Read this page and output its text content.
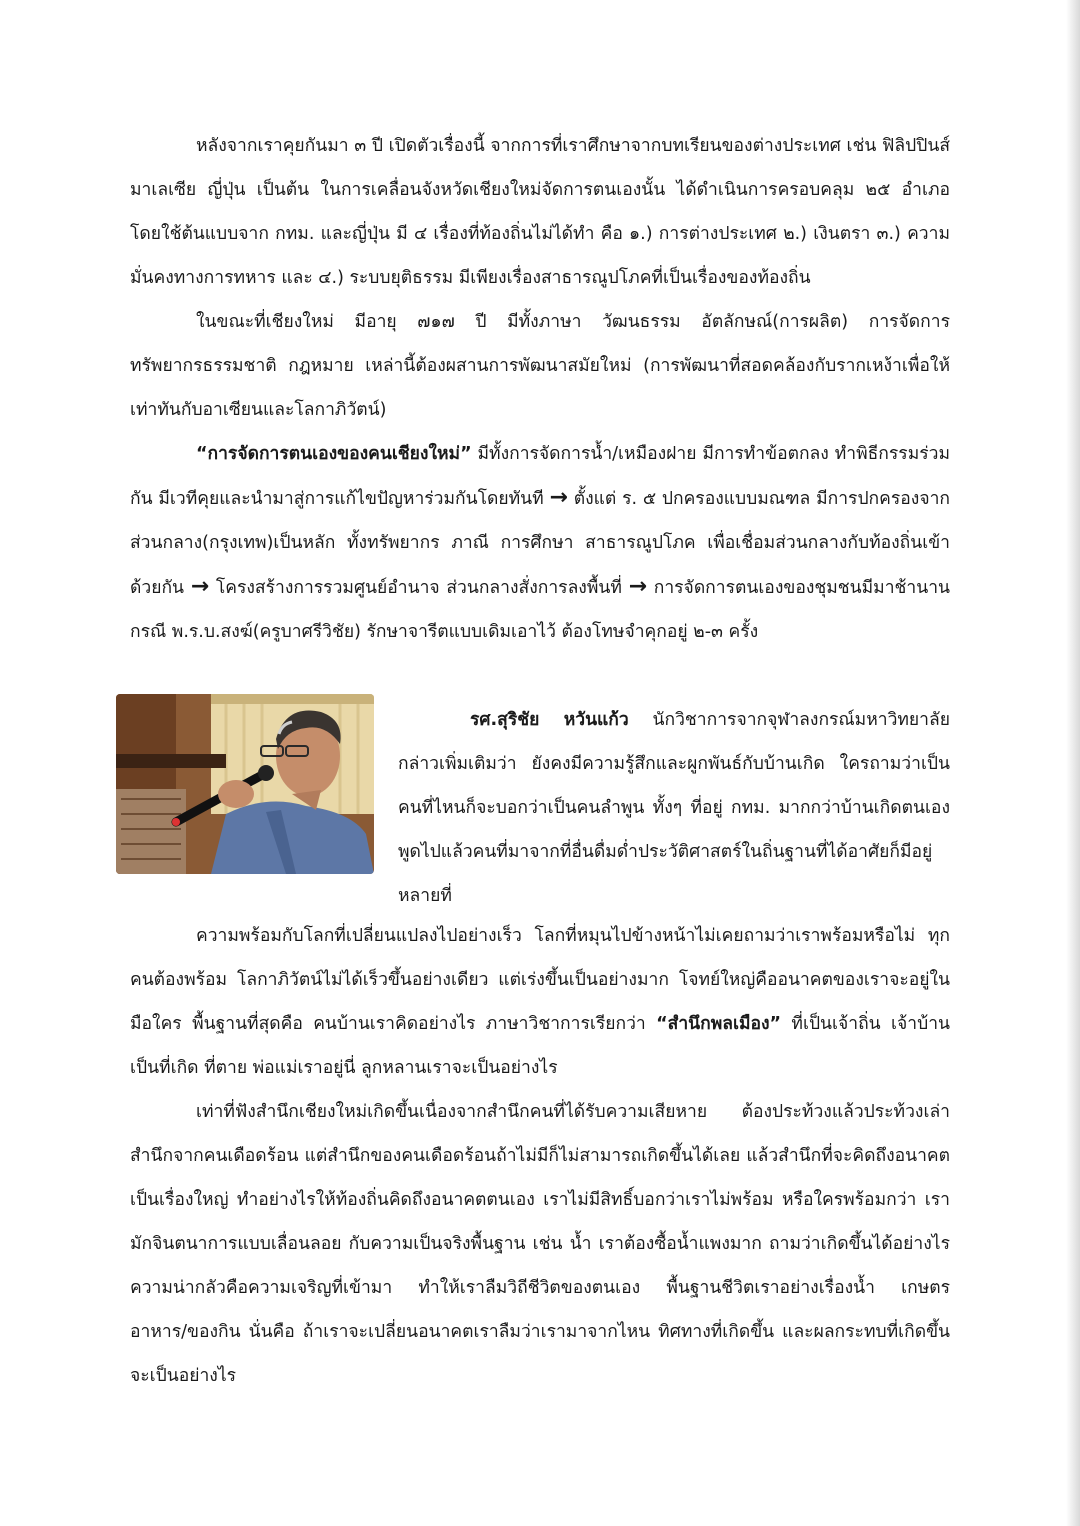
หลังจากเราคุยกันมา ๓ ปี เปิดตัวเรื่องนี้ จากการที่เราศึกษาจากบทเรียนของต่างประเทศ เช่น ฟิลิปปินส์ มาเลเซีย ญี่ปุ่น เป็นต้น ในการเคลื่อนจังหวัดเชียงใหม่จัดการตนเองนั้น ได้ดำเนินการครอบคลุม ๒๕ อำเภอ โดยใช้ต้นแบบจาก กทม. และญี่ปุ่น มี ๔ เรื่องที่ท้องถิ่นไม่ได้ทำ คือ ๑.) การต่างประเทศ ๒.) เงินตรา ๓.) ความมั่นคงทางการทหาร และ ๔.) ระบบยุติธรรม มีเพียงเรื่องสาธารณูปโภคที่เป็นเรื่องของท้องถิ่น

ในขณะที่เชียงใหม่ มีอายุ ๗๑๗ ปี มีทั้งภาษา วัฒนธรรม อัตลักษณ์(การผลิต) การจัดการทรัพยากรธรรมชาติ กฎหมาย เหล่านี้ต้องผสานการพัฒนาสมัยใหม่ (การพัฒนาที่สอดคล้องกับรากเหง้าเพื่อให้เท่าทันกับอาเซียนและโลกาภิวัตน์)

“การจัดการตนเองของคนเชียงใหม่” มีทั้งการจัดการน้ำ/เหมืองฝาย มีการทำข้อตกลง ทำพิธีกรรมร่วมกัน มีเวทีคุยและนำมาสู่การแก้ไขปัญหาร่วมกันโดยทันที → ตั้งแต่ ร. ๕ ปกครองแบบมณฑล มีการปกครองจากส่วนกลาง(กรุงเทพ)เป็นหลัก ทั้งทรัพยากร ภาณี การศึกษา สาธารณูปโภค เพื่อเชื่อมส่วนกลางกับท้องถิ่นเข้าด้วยกัน → โครงสร้างการรวมศูนย์อำนาจ ส่วนกลางสั่งการลงพื้นที่ → การจัดการตนเองของชุมชนมีมาช้านาน กรณี พ.ร.บ.สงฆ์(ครูบาศรีวิชัย) รักษาจารีตแบบเดิมเอาไว้ ต้องโทษจำคุกอยู่ ๒-๓ ครั้ง

รศ.สุริชัย หวันแก้ว นักวิชาการจากจุฬาลงกรณ์มหาวิทยาลัย กล่าวเพิ่มเติมว่า ยังคงมีความรู้สึกและผูกพันธ์กับบ้านเกิด ใครถามว่าเป็นคนที่ไหนก็จะบอกว่าเป็นคนลำพูน ทั้งๆ ที่อยู่ กทม. มากกว่าบ้านเกิดตนเอง พูดไปแล้วคนที่มาจากที่อื่นดื่มด่ำประวัติศาสตร์ในถิ่นฐานที่ได้อาศัยก็มีอยู่หลายที่

ความพร้อมกับโลกที่เปลี่ยนแปลงไปอย่างเร็ว โลกที่หมุนไปข้างหน้าไม่เคยถามว่าเราพร้อมหรือไม่ ทุกคนต้องพร้อม โลกาภิวัตน์ไม่ได้เร็วขึ้นอย่างเดียว แต่เร่งขึ้นเป็นอย่างมาก โจทย์ใหญ่คืออนาคตของเราจะอยู่ในมือใคร พื้นฐานที่สุดคือ คนบ้านเราคิดอย่างไร ภาษาวิชาการเรียกว่า “สำนึกพลเมือง” ที่เป็นเจ้าถิ่น เจ้าบ้านเป็นที่เกิด ที่ตาย พ่อแม่เราอยู่นี่ ลูกหลานเราจะเป็นอย่างไร

เท่าที่ฟังสำนึกเชียงใหม่เกิดขึ้นเนื่องจากสำนึกคนที่ได้รับความเสียหาย ต้องประท้วงแล้วประท้วงเล่า สำนึกจากคนเดือดร้อน แต่สำนึกของคนเดือดร้อนถ้าไม่มีก็ไม่สามารถเกิดขึ้นได้เลย แล้วสำนึกที่จะคิดถึงอนาคตเป็นเรื่องใหญ่ ทำอย่างไรให้ท้องถิ่นคิดถึงอนาคตตนเอง เราไม่มีสิทธิ์บอกว่าเราไม่พร้อม หรือใครพร้อมกว่า เรามักจินตนาการแบบเลื่อนลอย กับความเป็นจริงพื้นฐาน เช่น น้ำ เราต้องซื้อน้ำแพงมาก ถามว่าเกิดขึ้นได้อย่างไร ความน่ากลัวคือความเจริญที่เข้ามา ทำให้เราลืมวิถีชีวิตของตนเอง พื้นฐานชีวิตเราอย่างเรื่องน้ำ เกษตร อาหาร/ของกิน นั่นคือ ถ้าเราจะเปลี่ยนอนาคตเราลืมว่าเรามาจากไหน ทิศทางที่เกิดขึ้น และผลกระทบที่เกิดขึ้นจะเป็นอย่างไร
